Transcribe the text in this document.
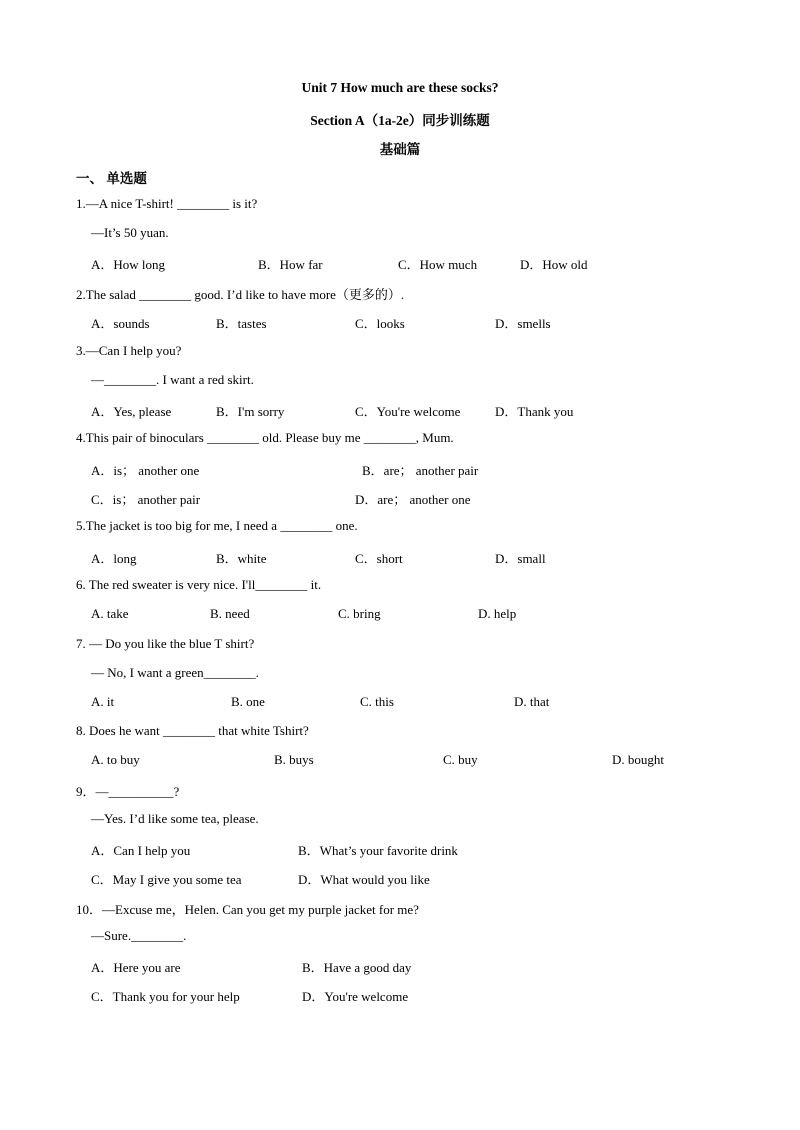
Unit 7 How much are these socks?
Section A（1a-2e）同步训练题
基础篇
一、 单选题
1.—A nice T-shirt! ________ is it?
—It’s 50 yuan.
A．How long	B．How far	C．How much	D．How old
2.The salad ________ good. I’d like to have more（更多的）.
A．sounds	B．tastes	C．looks	D．smells
3.—Can I help you?
—________. I want a red skirt.
A．Yes, please	B．I'm sorry	C．You're welcome	D．Thank you
4.This pair of binoculars ________ old. Please buy me ________, Mum.
A．is； another one	B．are； another pair
C．is； another pair	D．are； another one
5.The jacket is too big for me, I need a ________ one.
A．long	B．white	C．short	D．small
6. The red sweater is very nice. I'll________ it.
A. take	B. need	C. bring	D. help
7. — Do you like the blue T shirt?
— No, I want a green________.
A. it	B. one	C. this	D. that
8. Does he want ________ that white Tshirt?
A. to buy	B. buys	C. buy	D. bought
9．—__________?
—Yes. I’d like some tea, please.
A．Can I help you	B．What’s your favorite drink
C．May I give you some tea	D．What would you like
10．—Excuse me，Helen. Can you get my purple jacket for me?
—Sure.________.
A．Here you are	B．Have a good day
C．Thank you for your help	D．You're welcome
